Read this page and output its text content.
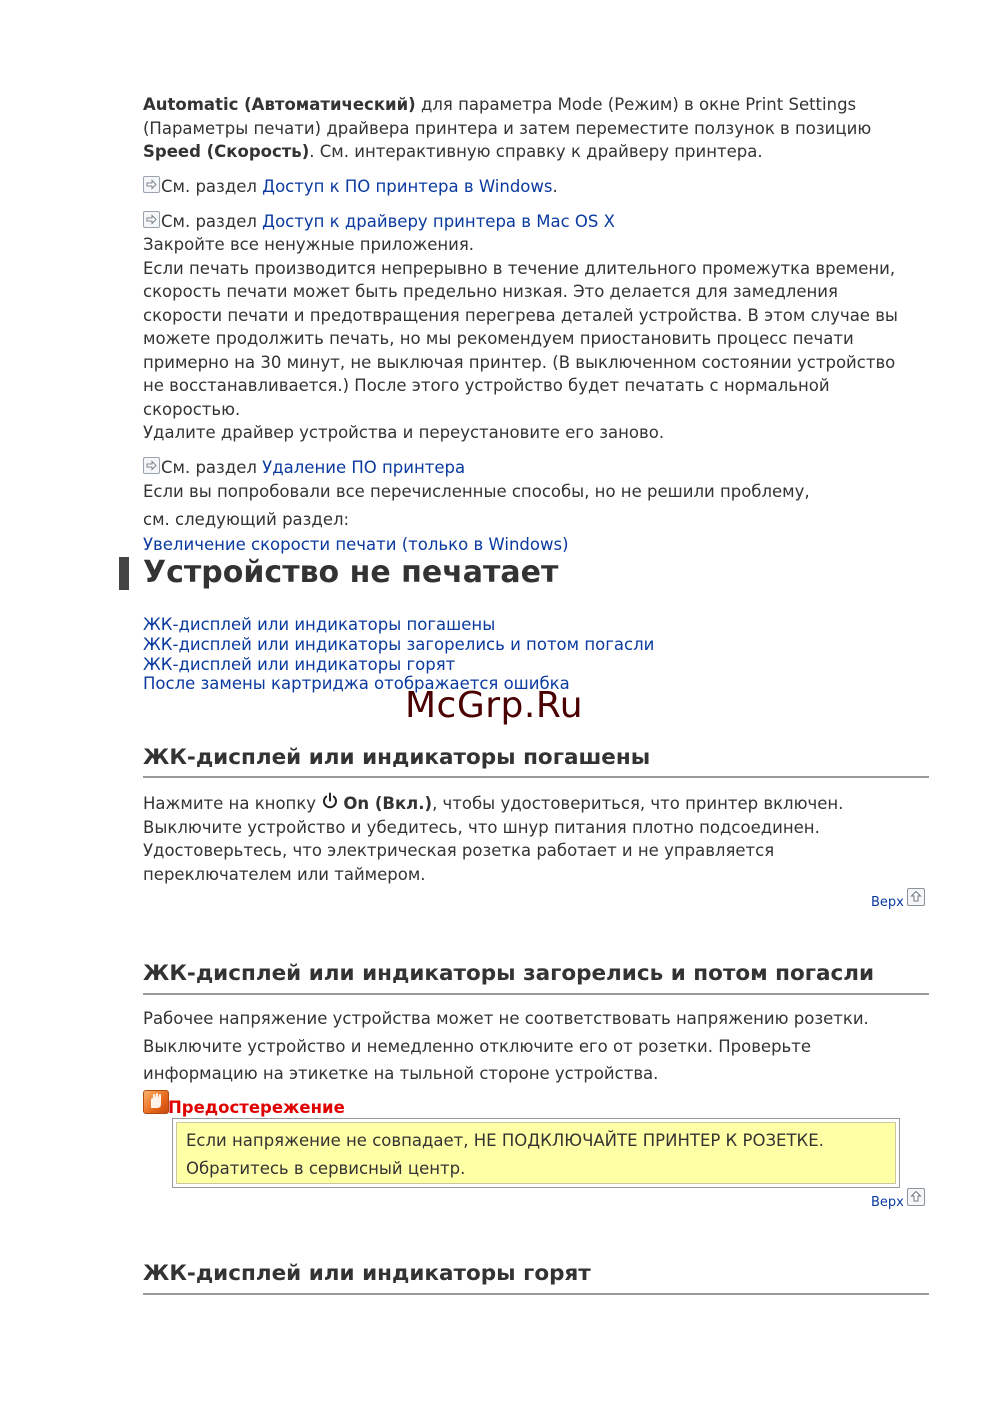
Automatic (Автоматический) для параметра Mode (Режим) в окне Print Settings
(Параметры печати) драйвера принтера и затем переместите ползунок в позицию
Speed (Скорость). См. интерактивную справку к драйверу принтера.
См. раздел Доступ к ПО принтера в Windows.
См. раздел Доступ к драйверу принтера в Mac OS X
Закройте все ненужные приложения.
Если печать производится непрерывно в течение длительного промежутка времени,
скорость печати может быть предельно низкая. Это делается для замедления
скорости печати и предотвращения перегрева деталей устройства. В этом случае вы
можете продолжить печать, но мы рекомендуем приостановить процесс печати
примерно на 30 минут, не выключая принтер. (В выключенном состоянии устройство
не восстанавливается.) После этого устройство будет печатать с нормальной
скоростью.
Удалите драйвер устройства и переустановите его заново.
См. раздел Удаление ПО принтера
Если вы попробовали все перечисленные способы, но не решили проблему,
см. следующий раздел:
Увеличение скорости печати (только в Windows)
Устройство не печатает
ЖК-дисплей или индикаторы погашены
ЖК-дисплей или индикаторы загорелись и потом погасли
ЖК-дисплей или индикаторы горят
После замены картриджа отображается ошибка
McGrp.Ru
ЖК-дисплей или индикаторы погашены
Нажмите на кнопку On (Вкл.), чтобы удостовериться, что принтер включен.
Выключите устройство и убедитесь, что шнур питания плотно подсоединен.
Удостоверьтесь, что электрическая розетка работает и не управляется
переключателем или таймером.
Верх
ЖК-дисплей или индикаторы загорелись и потом погасли
Рабочее напряжение устройства может не соответствовать напряжению розетки.
Выключите устройство и немедленно отключите его от розетки. Проверьте
информацию на этикетке на тыльной стороне устройства.
Предостережение
Если напряжение не совпадает, НЕ ПОДКЛЮЧАЙТЕ ПРИНТЕР К РОЗЕТКЕ.
Обратитесь в сервисный центр.
Верх
ЖК-дисплей или индикаторы горят
